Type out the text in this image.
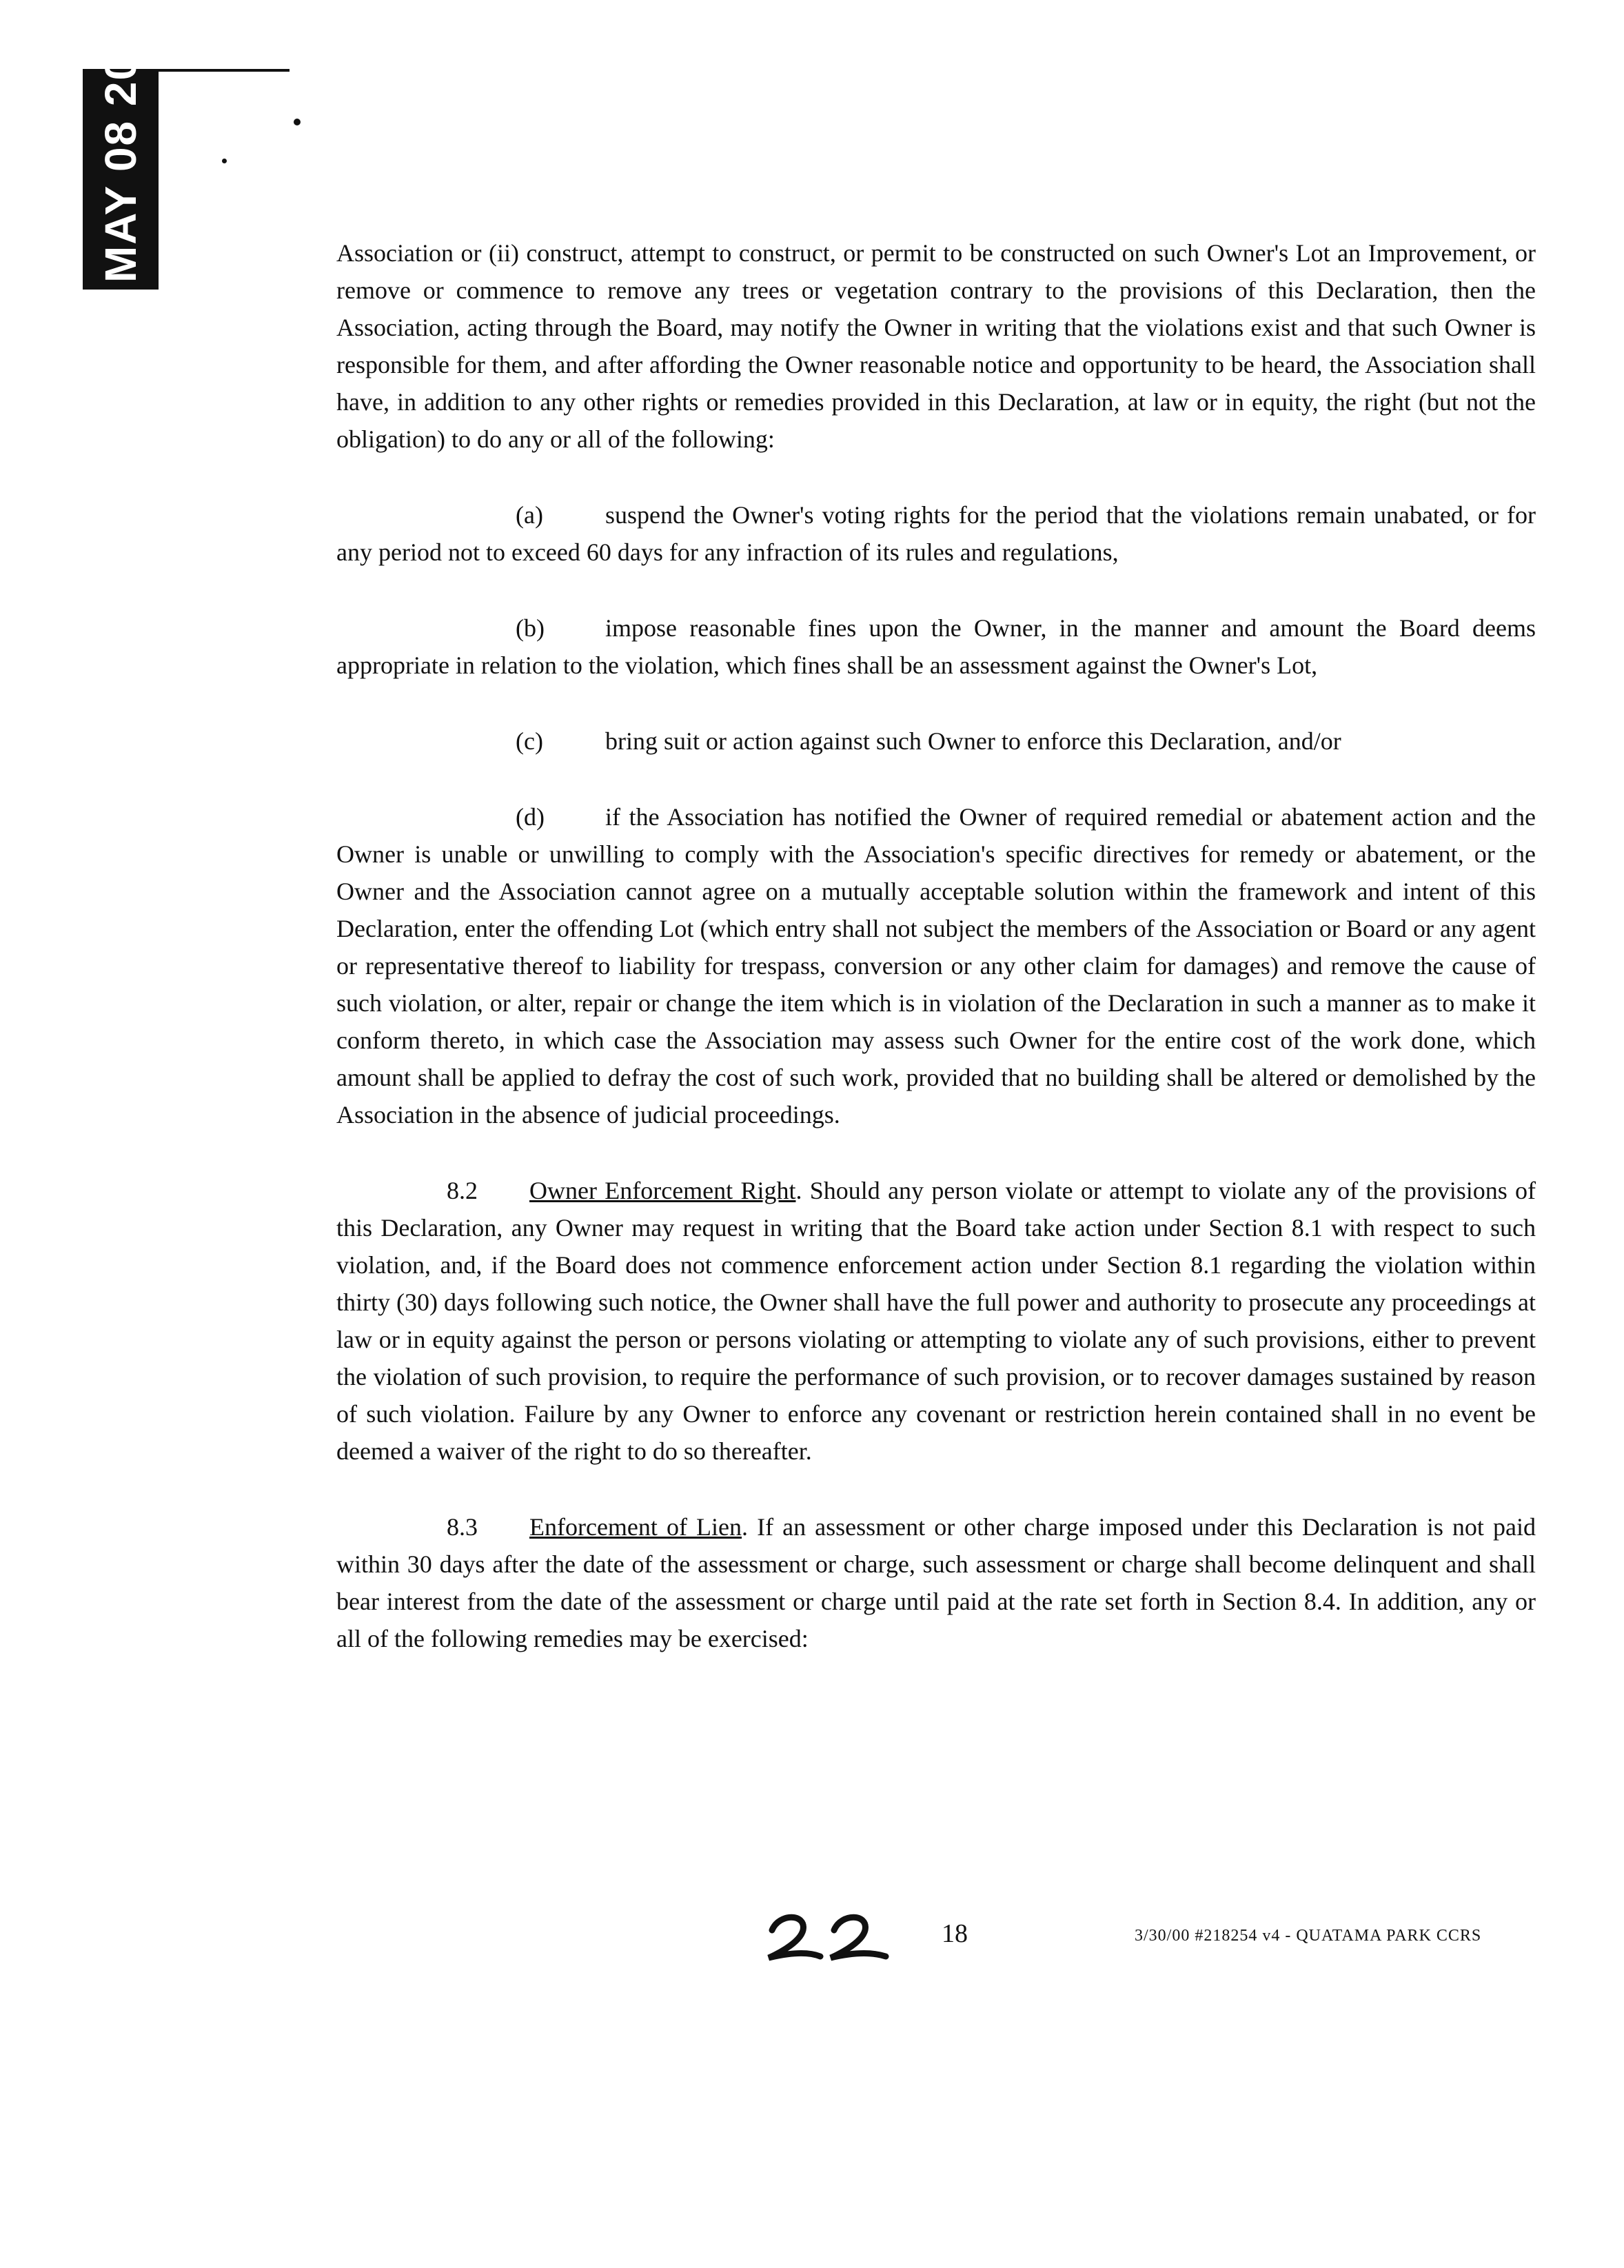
MAY 08 2000	Association or (ii) construct, attempt to construct, or permit to be constructed on such Owner's Lot an Improvement, or remove or commence to remove any trees or vegetation contrary to the provisions of this Declaration, then the Association, acting through the Board, may notify the Owner in writing that the violations exist and that such Owner is responsible for them, and after affording the Owner reasonable notice and opportunity to be heard, the Association shall have, in addition to any other rights or remedies provided in this Declaration, at law or in equity, the right (but not the obligation) to do any or all of the following:

(a)	suspend the Owner's voting rights for the period that the violations remain unabated, or for any period not to exceed 60 days for any infraction of its rules and regulations,

(b) impose reasonable fines upon the Owner, in the manner and amount the Board deems appropriate in relation to the violation, which fines shall be an assessment against the Owner's Lot,

(c)	bring suit or action against such Owner to enforce this Declaration, and/or

(d) if the Association has notified the Owner of required remedial or abatement action and the Owner is unable or unwilling to comply with the Association's specific directives for remedy or abatement, or the Owner and the Association cannot agree on a mutually acceptable solution within the framework and intent of this Declaration, enter the offending Lot (which entry shall not subject the members of the Association or Board or any agent or representative thereof to liability for trespass, conversion or any other claim for damages) and remove the cause of such violation, or alter, repair or change the item which is in violation of the Declaration in such a manner as to make it conform thereto, in which case the Association may assess such Owner for the entire cost of the work done, which amount shall be applied to defray the cost of such work, provided that no building shall be altered or demolished by the Association in the absence of judicial proceedings.

8.2 Owner Enforcement Right. Should any person violate or attempt to violate any of the provisions of this Declaration, any Owner may request in writing that the Board take action under Section 8.1 with respect to such violation, and, if the Board does not commence enforcement action under Section 8.1 regarding the violation within thirty (30) days following such notice, the Owner shall have the full power and authority to prosecute any proceedings at law or in equity against the person or persons violating or attempting to violate any of such provisions, either to prevent the violation of such provision, to require the performance of such provision, or to recover damages sustained by reason of such violation. Failure by any Owner to enforce any covenant or restriction herein contained shall in no event be deemed a waiver of the right to do so thereafter.

8.3 Enforcement of Lien. If an assessment or other charge imposed under this Declaration is not paid within 30 days after the date of the assessment or charge, such assessment or charge shall become delinquent and shall bear interest from the date of the assessment or charge until paid at the rate set forth in Section 8.4. In addition, any or all of the following remedies may be exercised:

18	3/30/00 #218254 v4 - QUATAMA PARK CCRS
